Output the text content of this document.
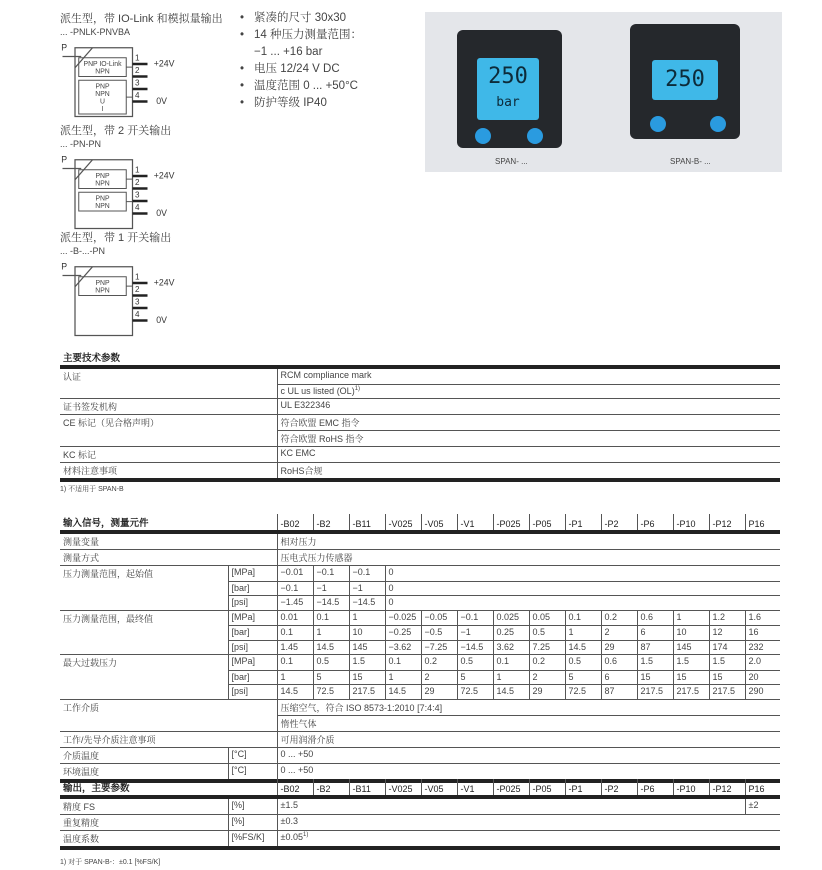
派生型，带 IO-Link 和模拟量输出
... -PNLK-PNVBA
P
1
2
3
4
+24V
0V
PNP IO-Link
NPN
PNP
NPN
U
I
派生型，带 2 开关输出
... -PN-PN
P
1
2
3
4
+24V
0V
PNP
NPN
PNP
NPN
派生型，带 1 开关输出
... -B-...-PN
P
1
2
3
4
+24V
0V
PNP
NPN
• 紧凑的尺寸 30x30
• 14 种压力测量范围：
−1 ... +16 bar
• 电压 12/24 V DC
• 温度范围 0 ... +50°C
• 防护等级 IP40
250
bar
250
SPAN- ...	SPAN-B- ...
主要技术参数	
认证	RCM compliance mark
	c UL us listed (OL)$^{1)}$
证书签发机构	UL E322346
CE 标记（见合格声明）	符合欧盟 EMC 指令
	符合欧盟 RoHS 指令
KC 标记	KC EMC
材料注意事项	RoHS合规
1) 不适用于 SPAN-B
输入信号，测量元件		-B02	-B2	-B11	-V025	-V05	-V1	-P025	-P05	-P1	-P2	-P6	-P10	-P12	P16
测量变量		相对压力													
测量方式		压电式压力传感器													
压力测量范围，起始值	[MPa]	−0.01	−0.1	−0.1	0										
	[bar]	−0.1	−1	−1	0										
	[psi]	−1.45	−14.5	−14.5	0										
压力测量范围，最终值	[MPa]	0.01	0.1	1	−0.025	−0.05	−0.1	0.025	0.05	0.1	0.2	0.6	1	1.2	1.6
	[bar]	0.1	1	10	−0.25	−0.5	−1	0.25	0.5	1	2	6	10	12	16
	[psi]	1.45	14.5	145	−3.62	−7.25	−14.5	3.62	7.25	14.5	29	87	145	174	232
最大过载压力	[MPa]	0.1	0.5	1.5	0.1	0.2	0.5	0.1	0.2	0.5	0.6	1.5	1.5	1.5	2.0
	[bar]	1	5	15	1	2	5	1	2	5	6	15	15	15	20
	[psi]	14.5	72.5	217.5	14.5	29	72.5	14.5	29	72.5	87	217.5	217.5	217.5	290
工作介质		压缩空气，符合 ISO 8573-1:2010 [7:4:4]													
		惰性气体													
工作/先导介质注意事项		可用润滑介质													
介质温度	[°C]	0 ... +50													
环境温度	[°C]	0 ... +50													
输出，主要参数		-B02	-B2	-B11	-V025	-V05	-V1	-P025	-P05	-P1	-P2	-P6	-P10	-P12	P16
精度 FS	[%]	±1.5													±2
重复精度	[%]	±0.3													
温度系数	[%FS/K]	$\pm 0.05^{1)}$
1) 对于 SPAN-B-：±0.1 [%FS/K]
